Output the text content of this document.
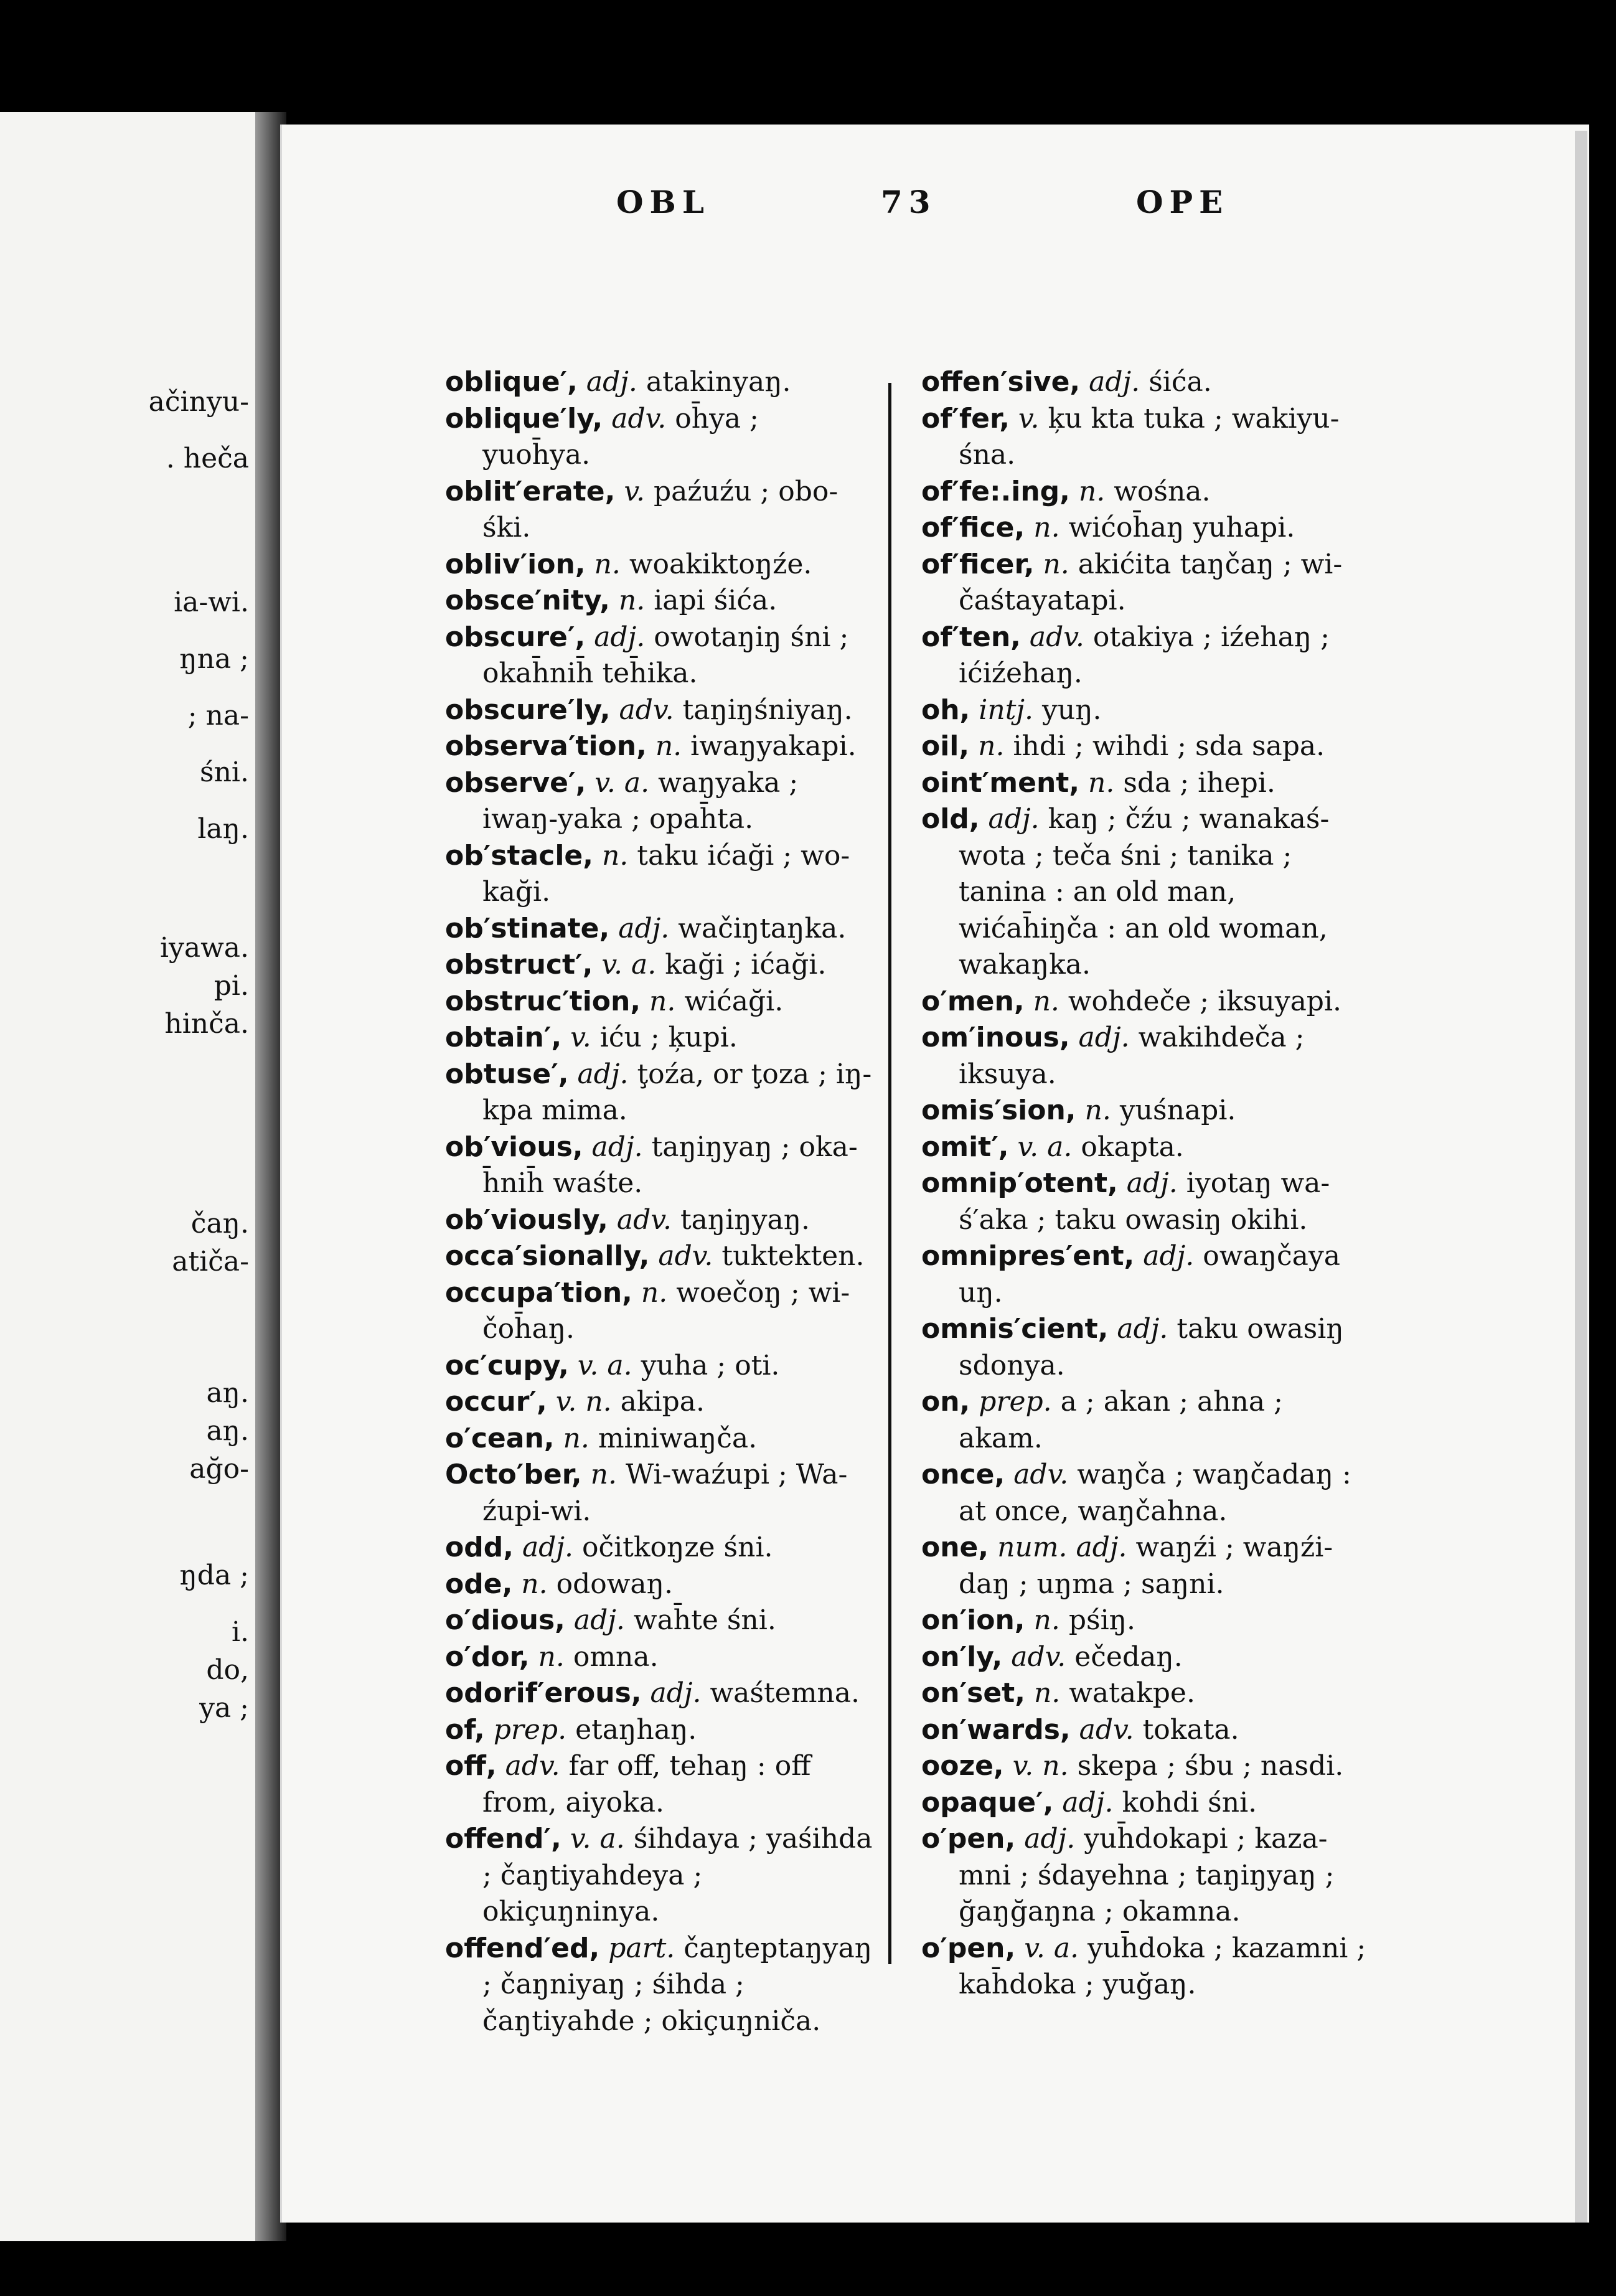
ačinyu-
. heča
ia-wi.
ŋna ;
; na-
śni.
laŋ.
iyawa.
pi.
hinča.
čaŋ.
atiča-
aŋ.
aŋ.
ağo-
ŋda ;
i.
do,
ya ;
OBL	73	OPE

oblique′, adj. atakinyaŋ.

oblique′ly, adv. oh̄ya ; yuoh̄ya.

oblit′erate, v. paźuźu ; obo-śki.

obliv′ion, n. woakiktoŋźe.

obsce′nity, n. iapi śića.

obscure′, adj. owotaŋiŋ śni ; okah̄nih̄ teh̄ika.

obscure′ly, adv. taŋiŋśniyaŋ.

observa′tion, n. iwaŋyakapi.

observe′, v. a. waŋyaka ; iwaŋ-yaka ; opah̄ta.

ob′stacle, n. taku ićaği ; wo-kaği.

ob′stinate, adj. wačiŋtaŋka.

obstruct′, v. a. kaği ; ićaği.

obstruc′tion, n. wićaği.

obtain′, v. iću ; ķupi.

obtuse′, adj. ţoźa, or ţoza ; iŋ-kpa mima.

ob′vious, adj. taŋiŋyaŋ ; oka-h̄nih̄ waśte.

ob′viously, adv. taŋiŋyaŋ.

occa′sionally, adv. tuktekten.

occupa′tion, n. woečoŋ ; wi-čoh̄aŋ.

oc′cupy, v. a. yuha ; oti.

occur′, v. n. akipa.

o′cean, n. miniwaŋča.

Octo′ber, n. Wi-waźupi ; Wa-źupi-wi.

odd, adj. očitkoŋze śni.

ode, n. odowaŋ.

o′dious, adj. wah̄te śni.

o′dor, n. omna.

odorif′erous, adj. waśtemna.

of, prep. etaŋhaŋ.

off, adv. far off, tehaŋ : off from, aiyoka.

offend′, v. a. śihdaya ; yaśihda ; čaŋtiyahdeya ; okiçuŋninya.

offend′ed, part. čaŋteptaŋyaŋ ; čaŋniyaŋ ; śihda ; čaŋtiyahde ; okiçuŋniča.

offen′sive, adj. śića.

of′fer, v. ķu kta tuka ; wakiyu-śna.

of′fe:.ing, n. wośna.

of′fice, n. wićoh̄aŋ yuhapi.

of′ficer, n. akićita taŋčaŋ ; wi-čaśtayatapi.

of′ten, adv. otakiya ; iźehaŋ ; ićiźehaŋ.

oh, intj. yuŋ.

oil, n. ihdi ; wihdi ; sda sapa.

oint′ment, n. sda ; ihepi.

old, adj. kaŋ ; čźu ; wanakaś-wota ; teča śni ; tanika ; tanina : an old man, wićah̄iŋča : an old woman, wakaŋka.

o′men, n. wohdeče ; iksuyapi.

om′inous, adj. wakihdeča ; iksuya.

omis′sion, n. yuśnapi.

omit′, v. a. okapta.

omnip′otent, adj. iyotaŋ wa-ś′aka ; taku owasiŋ okihi.

omnipres′ent, adj. owaŋčaya uŋ.

omnis′cient, adj. taku owasiŋ sdonya.

on, prep. a ; akan ; ahna ; akam.

once, adv. waŋča ; waŋčadaŋ : at once, waŋčahna.

one, num. adj. waŋźi ; waŋźi-daŋ ; uŋma ; saŋni.

on′ion, n. pśiŋ.

on′ly, adv. ečedaŋ.

on′set, n. watakpe.

on′wards, adv. tokata.

ooze, v. n. skepa ; śbu ; nasdi.

opaque′, adj. kohdi śni.

o′pen, adj. yuh̄dokapi ; kaza-mni ; śdayehna ; taŋiŋyaŋ ; ğaŋğaŋna ; okamna.

o′pen, v. a. yuh̄doka ; kazamni ; kah̄doka ; yuğaŋ.
